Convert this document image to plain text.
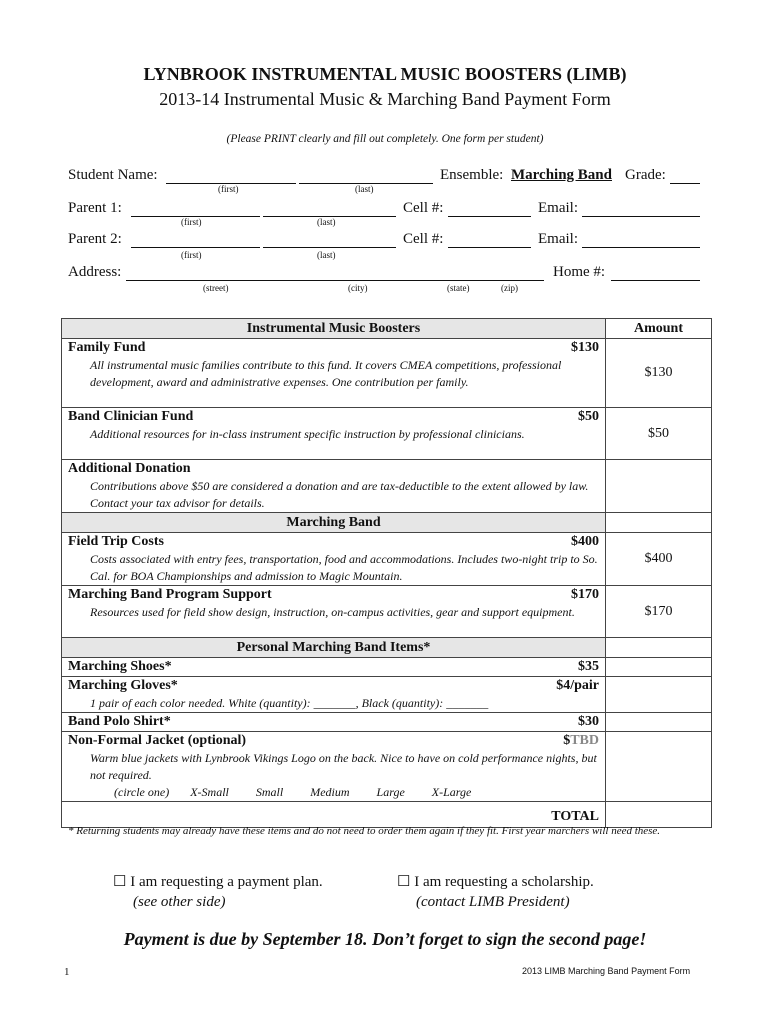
LYNBROOK INSTRUMENTAL MUSIC BOOSTERS (LIMB)
2013-14 Instrumental Music & Marching Band Payment Form
(Please PRINT clearly and fill out completely. One form per student)
Student Name:
(first)	(last)
Ensemble: Marching Band Grade:
Parent 1:
(first)	(last)
Cell #:	Email:
Parent 2:
(first)	(last)
Cell #:	Email:
Address:
(street)	(city)	(state)	(zip)
Home #:
Instrumental Music Boosters	Amount

Family Fund $130
All instrumental music families contribute to this fund. It covers CMEA competitions, professional development, award and administrative expenses. One contribution per family.	$130

Band Clinician Fund $50
Additional resources for in-class instrument specific instruction by professional clinicians.	$50

Additional Donation
Contributions above $50 are considered a donation and are tax-deductible to the extent allowed by law. Contact your tax advisor for details.	

Marching Band	

Field Trip Costs $400
Costs associated with entry fees, transportation, food and accommodations. Includes two-night trip to So. Cal. for BOA Championships and admission to Magic Mountain.	$400

Marching Band Program Support $170
Resources used for field show design, instruction, on-campus activities, gear and support equipment.	$170
Personal Marching Band Items*	

Marching Shoes* $35	

Marching Gloves* $4/pair
1 pair of each color needed. White (quantity): _______, Black (quantity): _______	

Band Polo Shirt* $30	

Non-Formal Jacket (optional) $TBD
Warm blue jackets with Lynbrook Vikings Logo on the back. Nice to have on cold performance nights, but not required.
(circle one) X-Small Small Medium Large X-Large	

TOTAL	
* Returning students may already have these items and do not need to order them again if they fit. First year marchers will need these.
☐ I am requesting a payment plan.
(see other side)
☐ I am requesting a scholarship.
(contact LIMB President)
Payment is due by September 18. Don’t forget to sign the second page!
1	2013 LIMB Marching Band Payment Form
